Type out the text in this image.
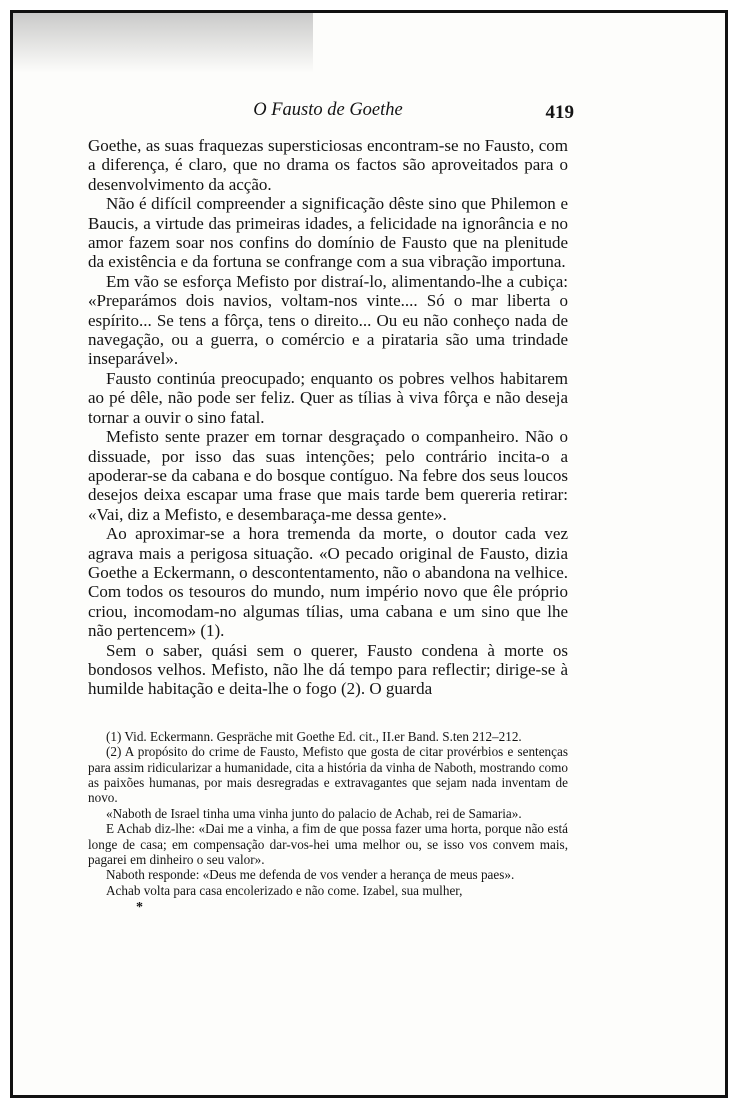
O Fausto de Goethe	419

Goethe, as suas fraquezas supersticiosas encontram-se no Fausto, com a diferença, é claro, que no drama os factos são aproveitados para o desenvolvimento da acção.

Não é difícil compreender a significação dêste sino que Philemon e Baucis, a virtude das primeiras idades, a felicidade na ignorância e no amor fazem soar nos confins do domínio de Fausto que na plenitude da existência e da fortuna se confrange com a sua vibração importuna.

Em vão se esforça Mefisto por distraí-lo, alimentando-lhe a cubiça: «Preparámos dois navios, voltam-nos vinte.... Só o mar liberta o espírito... Se tens a fôrça, tens o direito... Ou eu não conheço nada de navegação, ou a guerra, o comércio e a pirataria são uma trindade inseparável».

Fausto continúa preocupado; enquanto os pobres velhos habitarem ao pé dêle, não pode ser feliz. Quer as tílias à viva fôrça e não deseja tornar a ouvir o sino fatal.

Mefisto sente prazer em tornar desgraçado o companheiro. Não o dissuade, por isso das suas intenções; pelo contrário incita-o a apoderar-se da cabana e do bosque contíguo. Na febre dos seus loucos desejos deixa escapar uma frase que mais tarde bem quereria retirar: «Vai, diz a Mefisto, e desembaraça-me dessa gente».

Ao aproximar-se a hora tremenda da morte, o doutor cada vez agrava mais a perigosa situação. «O pecado original de Fausto, dizia Goethe a Eckermann, o descontentamento, não o abandona na velhice. Com todos os tesouros do mundo, num império novo que êle próprio criou, incomodam-no algumas tílias, uma cabana e um sino que lhe não pertencem» (1).

Sem o saber, quási sem o querer, Fausto condena à morte os bondosos velhos. Mefisto, não lhe dá tempo para reflectir; dirige-se à humilde habitação e deita-lhe o fogo (2). O guarda

(1) Vid. Eckermann. Gespräche mit Goethe Ed. cit., II.er Band. S.ten 212–212.

(2) A propósito do crime de Fausto, Mefisto que gosta de citar provérbios e sentenças para assim ridicularizar a humanidade, cita a história da vinha de Naboth, mostrando como as paixões humanas, por mais desregradas e extravagantes que sejam nada inventam de novo.

«Naboth de Israel tinha uma vinha junto do palacio de Achab, rei de Samaria».

E Achab diz-lhe: «Dai me a vinha, a fim de que possa fazer uma horta, porque não está longe de casa; em compensação dar-vos-hei uma melhor ou, se isso vos convem mais, pagarei em dinheiro o seu valor».

Naboth responde: «Deus me defenda de vos vender a herança de meus paes».

Achab volta para casa encolerizado e não come. Izabel, sua mulher,

*
